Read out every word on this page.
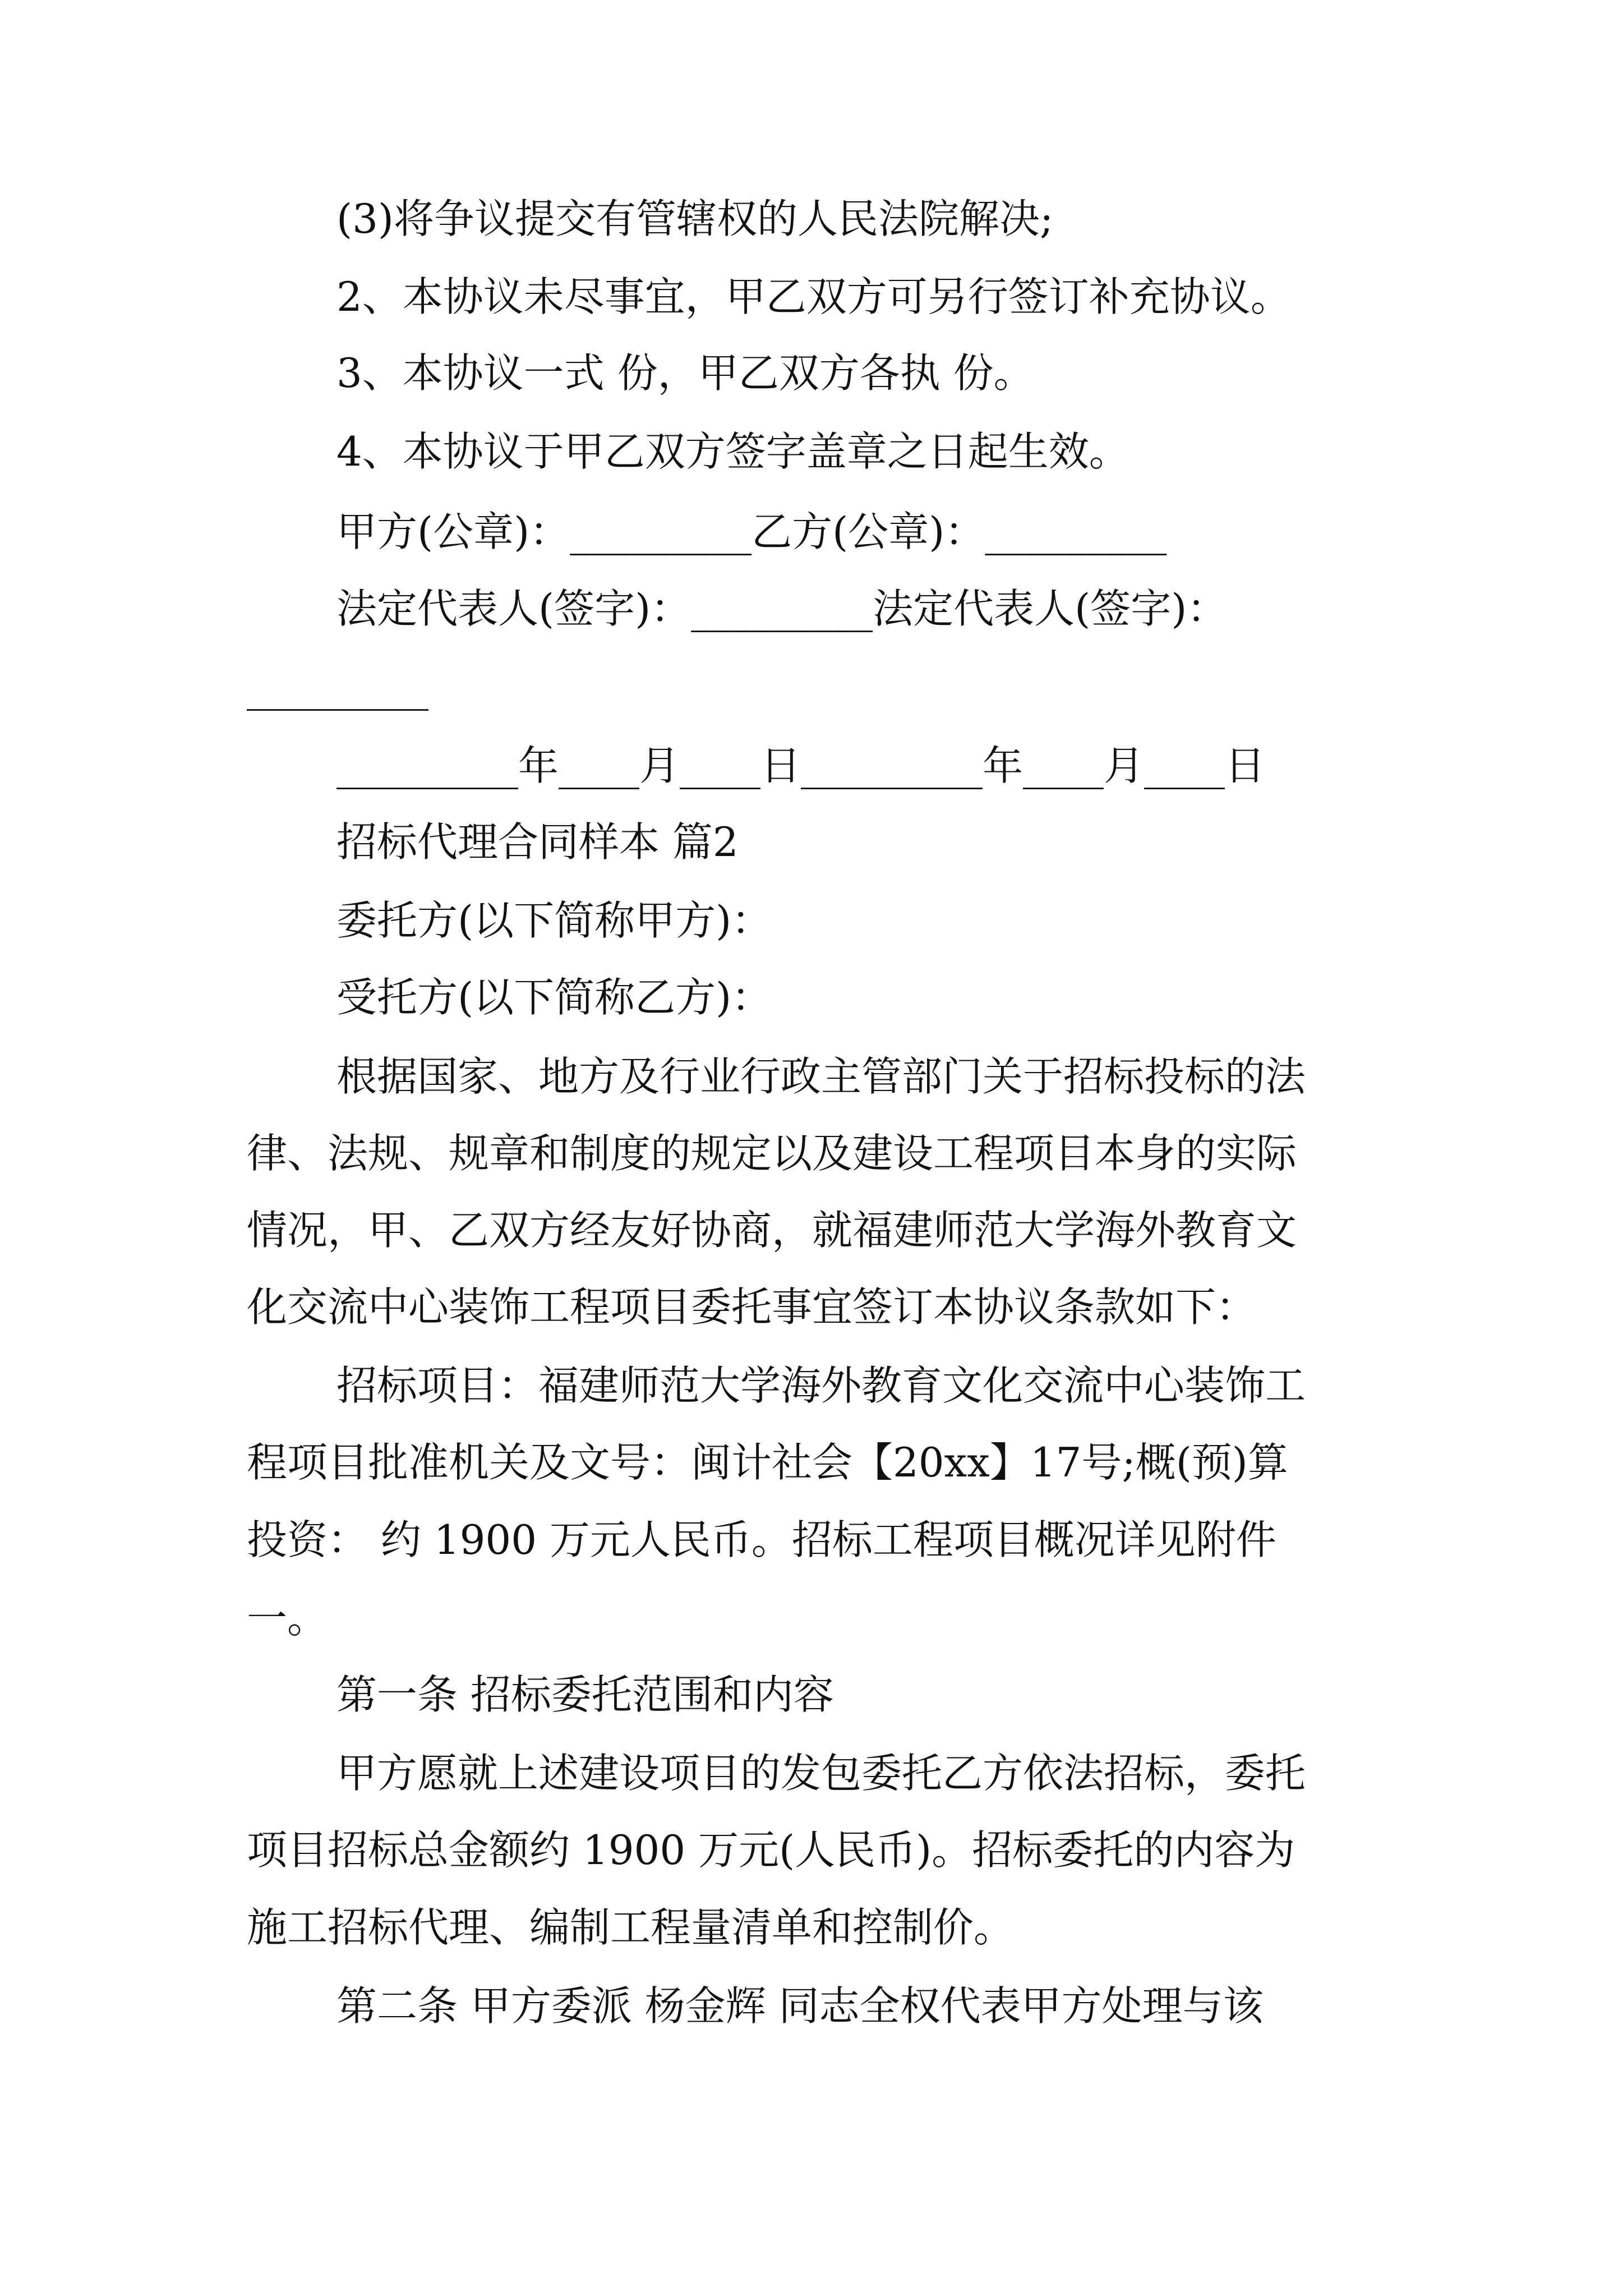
(3)将争议提交有管辖权的人民法院解决;
2、本协议未尽事宜，甲乙双方可另行签订补充协议。
3、本协议一式 份，甲乙双方各执 份。
4、本协议于甲乙双方签字盖章之日起生效。
甲方(公章)：_________乙方(公章)：_________
法定代表人(签字)：_________法定代表人(签字)：
_________
_________年____月____日_________年____月____日
招标代理合同样本 篇2
委托方(以下简称甲方)：
受托方(以下简称乙方)：
根据国家、地方及行业行政主管部门关于招标投标的法
律、法规、规章和制度的规定以及建设工程项目本身的实际
情况，甲、乙双方经友好协商，就福建师范大学海外教育文
化交流中心装饰工程项目委托事宜签订本协议条款如下：
招标项目：福建师范大学海外教育文化交流中心装饰工
程项目批准机关及文号：闽计社会【20xx】17号;概(预)算
投资： 约 1900 万元人民币。招标工程项目概况详见附件
一。
第一条 招标委托范围和内容
甲方愿就上述建设项目的发包委托乙方依法招标，委托
项目招标总金额约 1900 万元(人民币)。招标委托的内容为
施工招标代理、编制工程量清单和控制价。
第二条 甲方委派 杨金辉 同志全权代表甲方处理与该
